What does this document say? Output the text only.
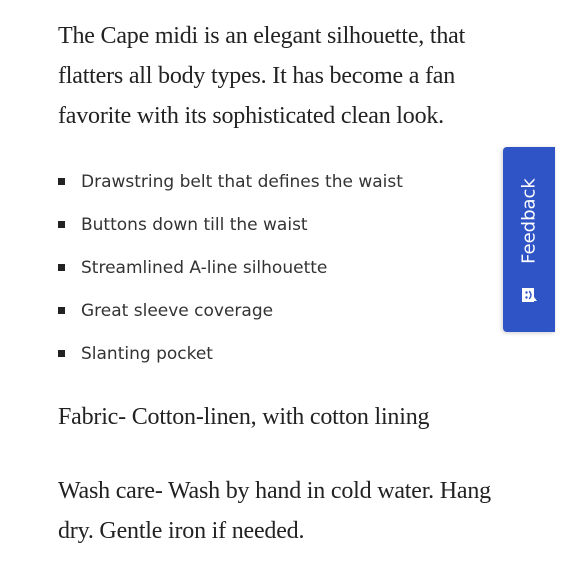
The Cape midi is an elegant silhouette, that flatters all body types. It has become a fan favorite with its sophisticated clean look.

Drawstring belt that defines the waist
Buttons down till the waist
Streamlined A-line silhouette
Great sleeve coverage
Slanting pocket

Fabric- Cotton-linen, with cotton lining

Wash care- Wash by hand in cold water. Hang dry. Gentle iron if needed.

Feedback
